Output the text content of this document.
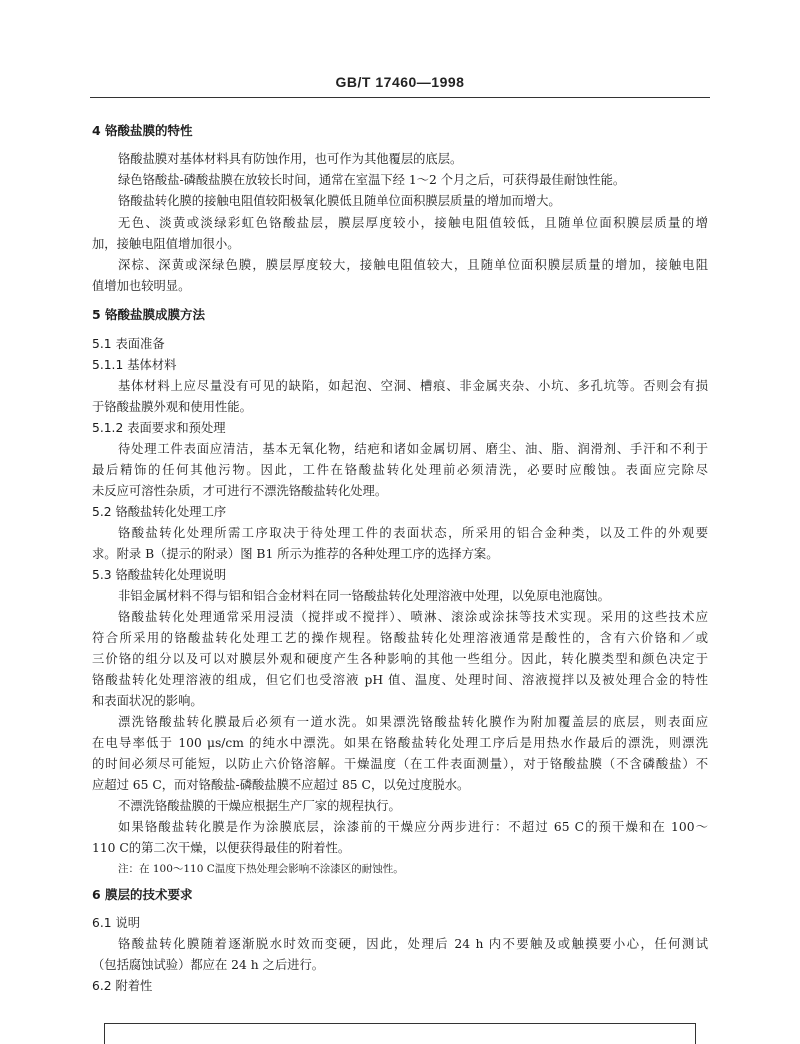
GB/T 17460—1998
4 铬酸盐膜的特性
铬酸盐膜对基体材料具有防蚀作用，也可作为其他覆层的底层。
绿色铬酸盐-磷酸盐膜在放较长时间，通常在室温下经 1～2 个月之后，可获得最佳耐蚀性能。
铬酸盐转化膜的接触电阻值较阳极氧化膜低且随单位面积膜层质量的增加而增大。
无色、淡黄或淡绿彩虹色铬酸盐层，膜层厚度较小，接触电阻值较低，且随单位面积膜层质量的增
加，接触电阻值增加很小。
深棕、深黄或深绿色膜，膜层厚度较大，接触电阻值较大，且随单位面积膜层质量的增加，接触电阻
值增加也较明显。
5 铬酸盐膜成膜方法
5.1 表面准备
5.1.1 基体材料
基体材料上应尽量没有可见的缺陷，如起泡、空洞、槽痕、非金属夹杂、小坑、多孔坑等。否则会有损
于铬酸盐膜外观和使用性能。
5.1.2 表面要求和预处理
待处理工件表面应清洁，基本无氧化物，结疤和诸如金属切屑、磨尘、油、脂、润滑剂、手汗和不利于
最后精饰的任何其他污物。因此，工件在铬酸盐转化处理前必须清洗，必要时应酸蚀。表面应完除尽
未反应可溶性杂质，才可进行不漂洗铬酸盐转化处理。
5.2 铬酸盐转化处理工序
铬酸盐转化处理所需工序取决于待处理工件的表面状态，所采用的铝合金种类，以及工件的外观要
求。附录 B（提示的附录）图 B1 所示为推荐的各种处理工序的选择方案。
5.3 铬酸盐转化处理说明
非铝金属材料不得与铝和铝合金材料在同一铬酸盐转化处理溶液中处理，以免原电池腐蚀。
铬酸盐转化处理通常采用浸渍（搅拌或不搅拌）、喷淋、滚涂或涂抹等技术实现。采用的这些技术应
符合所采用的铬酸盐转化处理工艺的操作规程。铬酸盐转化处理溶液通常是酸性的，含有六价铬和／或
三价铬的组分以及可以对膜层外观和硬度产生各种影响的其他一些组分。因此，转化膜类型和颜色决定于
铬酸盐转化处理溶液的组成，但它们也受溶液 pH 值、温度、处理时间、溶液搅拌以及被处理合金的特性
和表面状况的影响。
漂洗铬酸盐转化膜最后必须有一道水洗。如果漂洗铬酸盐转化膜作为附加覆盖层的底层，则表面应
在电导率低于 100 μs/cm 的纯水中漂洗。如果在铬酸盐转化处理工序后是用热水作最后的漂洗，则漂洗
的时间必须尽可能短，以防止六价铬溶解。干燥温度（在工件表面测量），对于铬酸盐膜（不含磷酸盐）不
应超过 65 C，而对铬酸盐-磷酸盐膜不应超过 85 C，以免过度脱水。
不漂洗铬酸盐膜的干燥应根据生产厂家的规程执行。
如果铬酸盐转化膜是作为涂膜底层，涂漆前的干燥应分两步进行：不超过 65 C的预干燥和在 100～
110 C的第二次干燥，以便获得最佳的附着性。
注：在 100～110 C温度下热处理会影响不涂漆区的耐蚀性。
6 膜层的技术要求
6.1 说明
铬酸盐转化膜随着逐渐脱水时效而变硬，因此，处理后 24 h 内不要触及或触摸要小心，任何测试
（包括腐蚀试验）都应在 24 h 之后进行。
6.2 附着性
